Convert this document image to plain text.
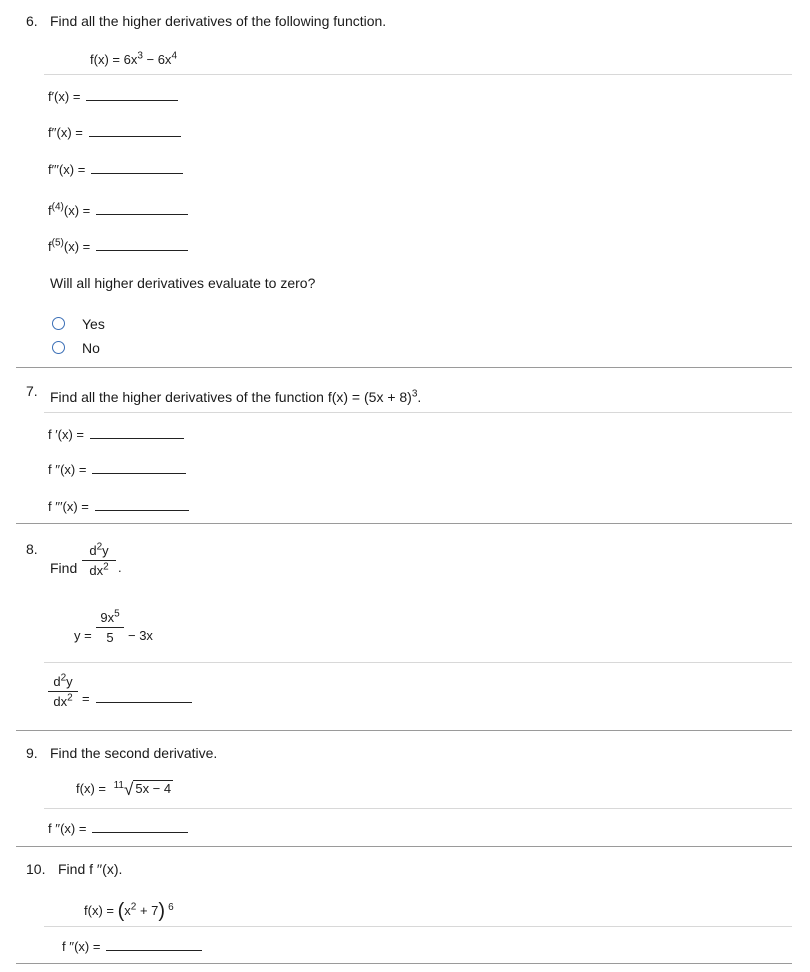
6. Find all the higher derivatives of the following function.
$f(x) = 6x^3 - 6x^4$
f′(x) =
f′′(x) =
f′′′(x) =
$f^{(4)}(x)$ =
$f^{(5)}(x)$ =
Will all higher derivatives evaluate to zero?
Yes
No
7. Find all the higher derivatives of the function $f(x) = (5x + 8)^3$.
f ′(x) =
f ′′(x) =
f ′′′(x) =
8.
Find
$d^2y$
$dx^2$ .
y =
$9x^5$
5	− 3x
$d^2y$
$dx^2$ =
9. Find the second derivative.
f(x) = $^{11}$√ 5x − 4
f ′′(x) =
10. Find f ′′(x).
$f(x) = (x^2 + 7)$ $^6$
f ′′(x) =
